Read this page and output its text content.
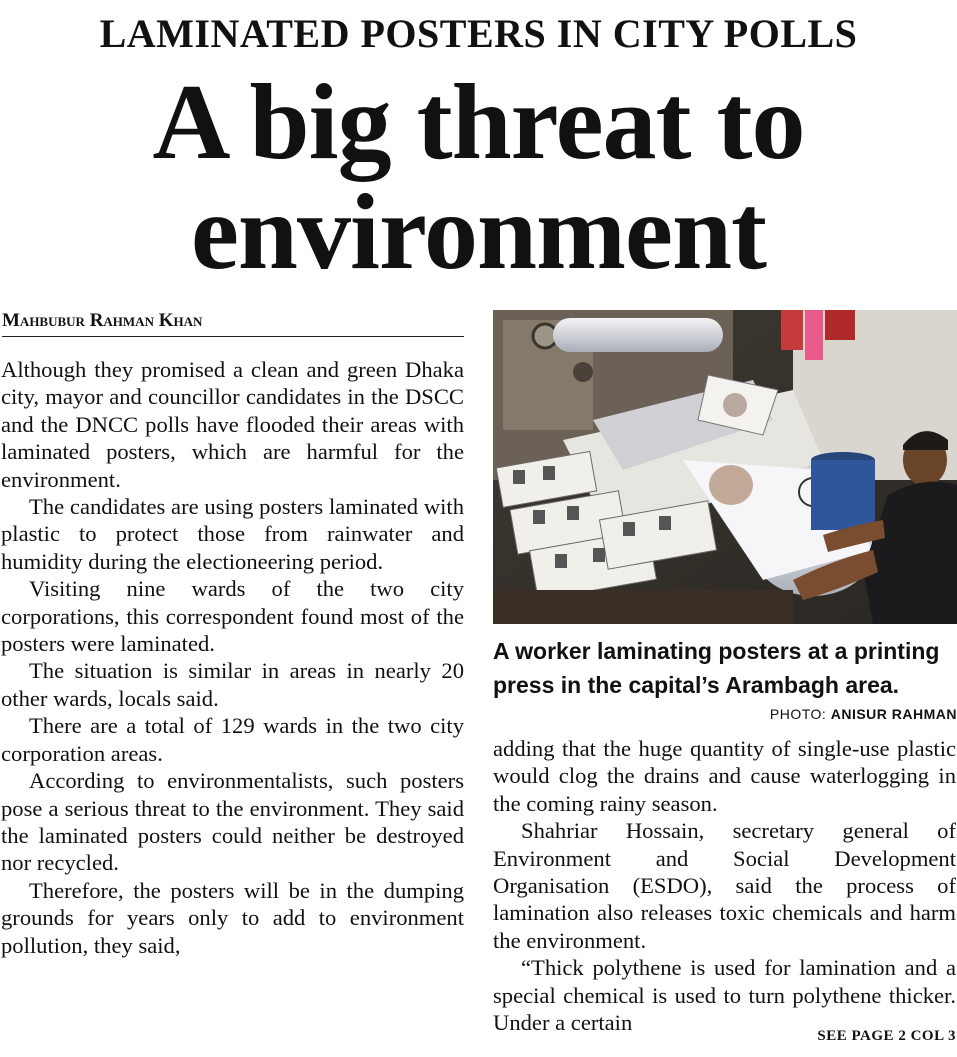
LAMINATED POSTERS IN CITY POLLS
A big threat to
environment
Mahbubur Rahman Khan

Although they promised a clean and green Dhaka city, mayor and councillor candidates in the DSCC and the DNCC polls have flooded their areas with laminated posters, which are harmful for the environment.

The candidates are using posters laminated with plastic to protect those from rainwater and humidity during the electioneering period.

Visiting nine wards of the two city corporations, this correspondent found most of the posters were laminated.

The situation is similar in areas in nearly 20 other wards, locals said.

There are a total of 129 wards in the two city corporation areas.

According to environmentalists, such posters pose a serious threat to the environment. They said the laminated posters could neither be destroyed nor recycled.

Therefore, the posters will be in the dumping grounds for years only to add to environment pollution, they said,

A worker laminating posters at a printing press in the capital’s Arambagh area.
PHOTO: ANISUR RAHMAN

adding that the huge quantity of single-use plastic would clog the drains and cause waterlogging in the coming rainy season.

Shahriar Hossain, secretary general of Environment and Social Development Organisation (ESDO), said the process of lamination also releases toxic chemicals and harm the environment.

“Thick polythene is used for lamination and a special chemical is used to turn polythene thicker. Under a certain

SEE PAGE 2 COL 3
